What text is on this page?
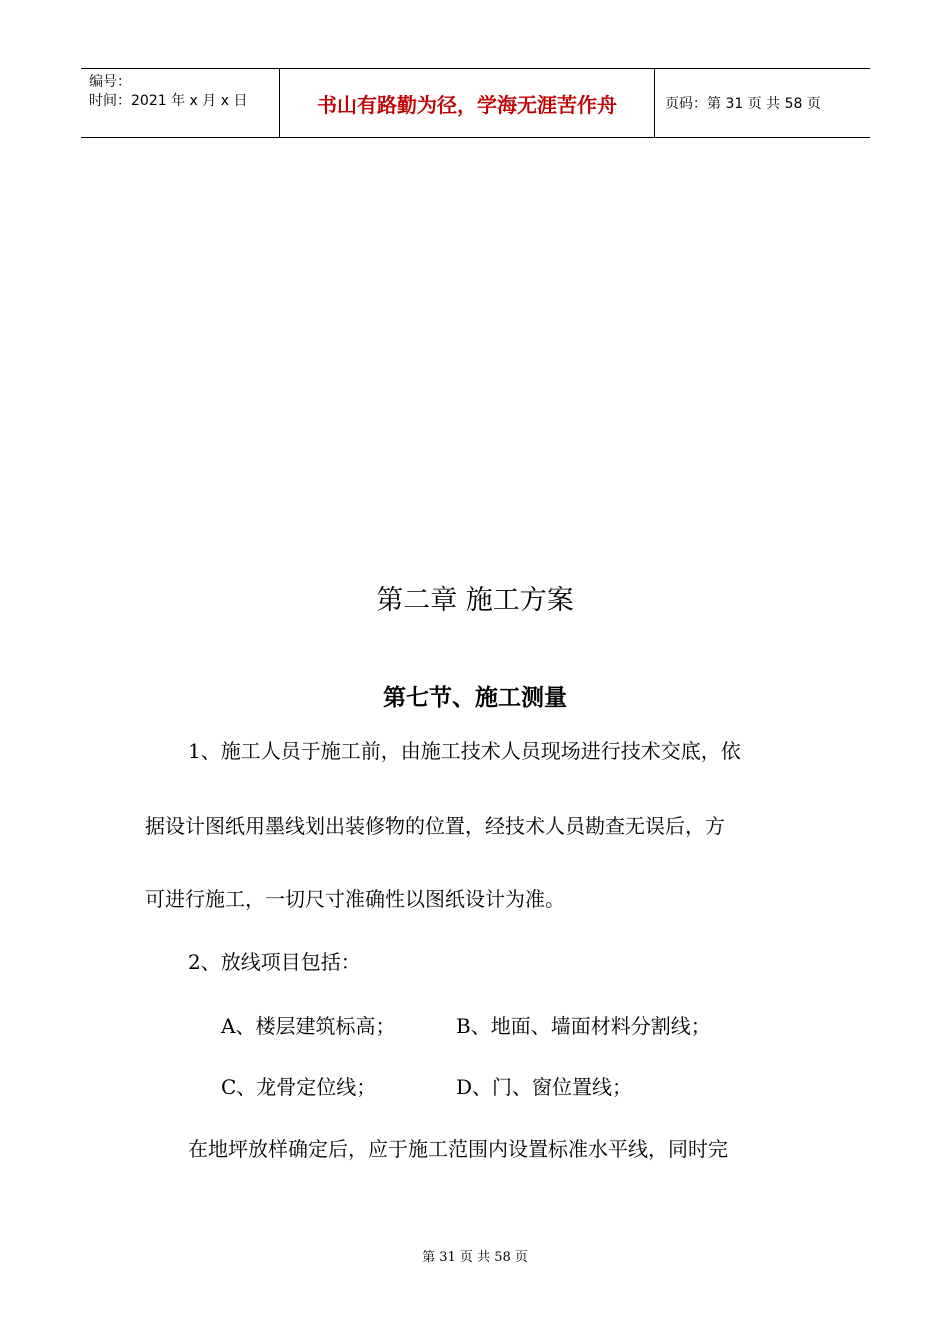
编号：
时间：2021 年 x 月 x 日	书山有路勤为径，学海无涯苦作舟	页码：第 31 页 共 58 页
第二章 施工方案
第七节、施工测量
1、施工人员于施工前，由施工技术人员现场进行技术交底，依
据设计图纸用墨线划出装修物的位置，经技术人员勘查无误后，方
可进行施工，一切尺寸准确性以图纸设计为准。
2、放线项目包括：
A、楼层建筑标高；	B、地面、墙面材料分割线；
C、龙骨定位线；	D、门、窗位置线；
在地坪放样确定后，应于施工范围内设置标准水平线，同时完
第 31 页 共 58 页
